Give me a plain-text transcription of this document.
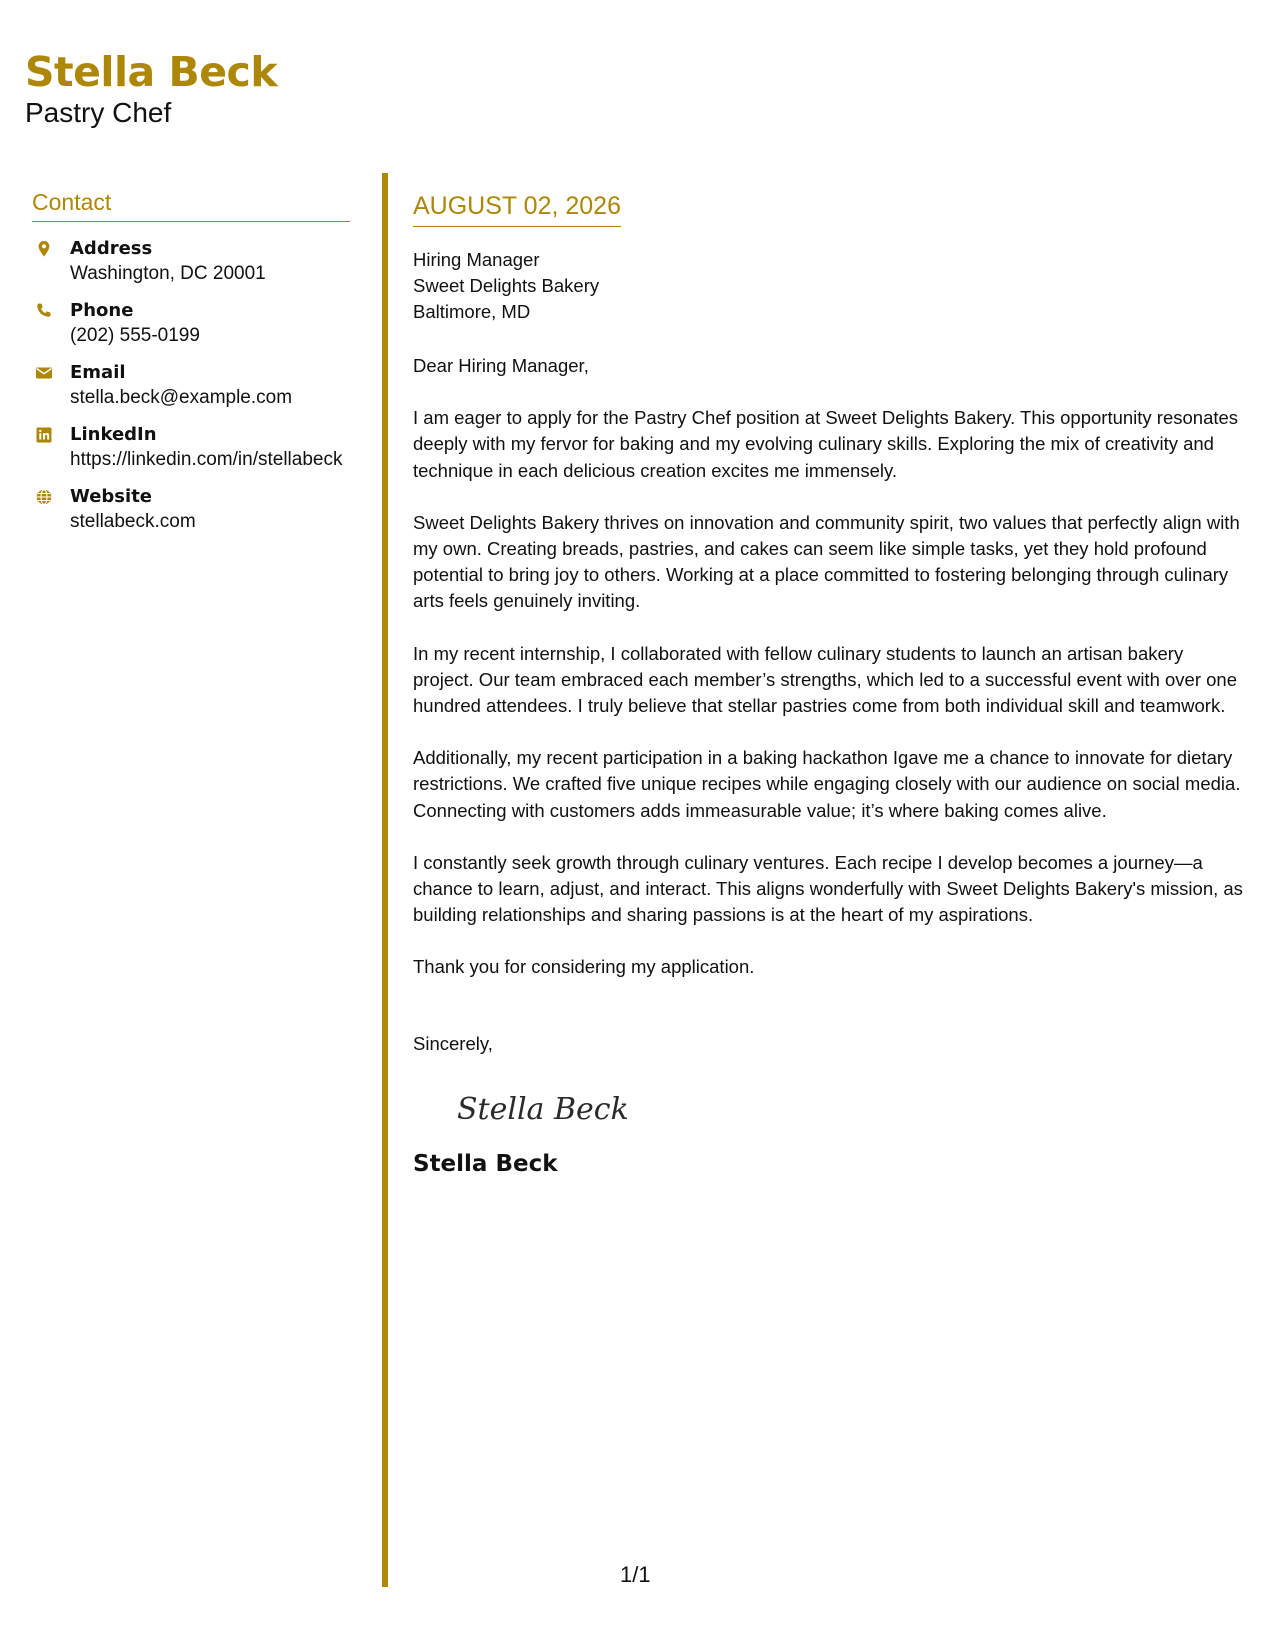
Stella Beck
Pastry Chef
Contact
Address
Washington, DC 20001
Phone
(202) 555-0199
Email
stella.beck@example.com
LinkedIn
https://linkedin.com/in/stellabeck
Website
stellabeck.com
AUGUST 02, 2026
Hiring Manager
Sweet Delights Bakery
Baltimore, MD
Dear Hiring Manager,
I am eager to apply for the Pastry Chef position at Sweet Delights Bakery. This opportunity resonates deeply with my fervor for baking and my evolving culinary skills. Exploring the mix of creativity and technique in each delicious creation excites me immensely.
Sweet Delights Bakery thrives on innovation and community spirit, two values that perfectly align with my own. Creating breads, pastries, and cakes can seem like simple tasks, yet they hold profound potential to bring joy to others. Working at a place committed to fostering belonging through culinary arts feels genuinely inviting.
In my recent internship, I collaborated with fellow culinary students to launch an artisan bakery project. Our team embraced each member’s strengths, which led to a successful event with over one hundred attendees. I truly believe that stellar pastries come from both individual skill and teamwork.
Additionally, my recent participation in a baking hackathon Igave me a chance to innovate for dietary restrictions. We crafted five unique recipes while engaging closely with our audience on social media. Connecting with customers adds immeasurable value; it’s where baking comes alive.
I constantly seek growth through culinary ventures. Each recipe I develop becomes a journey—a chance to learn, adjust, and interact. This aligns wonderfully with Sweet Delights Bakery's mission, as building relationships and sharing passions is at the heart of my aspirations.
Thank you for considering my application.
Sincerely,
Stella Beck
Stella Beck
1/1
